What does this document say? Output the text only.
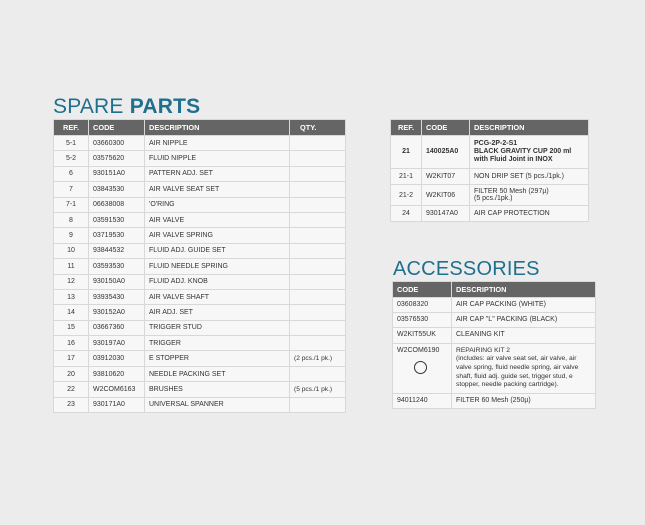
SPARE PARTS
REF.	CODE	DESCRIPTION	QTY.
5-1	03660300	AIR NIPPLE	
5-2	03575620	FLUID NIPPLE	
6	930151A0	PATTERN ADJ. SET	
7	03843530	AIR VALVE SEAT SET	
7-1	06638008	'O'RING	
8	03591530	AIR VALVE	
9	03719530	AIR VALVE SPRING	
10	93844532	FLUID ADJ. GUIDE SET	
11	03593530	FLUID NEEDLE SPRING	
12	930150A0	FLUID ADJ. KNOB	
13	93935430	AIR VALVE SHAFT	
14	930152A0	AIR ADJ. SET	
15	03667360	TRIGGER STUD	
16	930197A0	TRIGGER	
17	03912030	E STOPPER	(2 pcs./1 pk.)
20	93810620	NEEDLE PACKING SET	
22	W2COM6163	BRUSHES	(5 pcs./1 pk.)
23	930171A0	UNIVERSAL SPANNER	
REF.	CODE	DESCRIPTION
21	140025A0	PCG-2P-2-S1
BLACK GRAVITY CUP 200 ml
with Fluid Joint in INOX

21-1	W2KIT07	NON DRIP SET (5 pcs./1pk.)

21-2	W2KIT06	FILTER 50 Mesh (297µ)
(5 pcs./1pk.)

24	930147A0	AIR CAP PROTECTION
ACCESSORIES
CODE	DESCRIPTION

03608320	AIR CAP PACKING (WHITE)

03576530	AIR CAP "L" PACKING (BLACK)

W2KIT55UK	CLEANING KIT

W2COM6190	REPAIRING KIT 2
(includes: air valve seat set, air valve, air valve spring, fluid needle spring, air valve shaft, fluid adj. guide set, trigger stud, e stopper, needle packing cartridge).

94011240	FILTER 60 Mesh (250µ)
